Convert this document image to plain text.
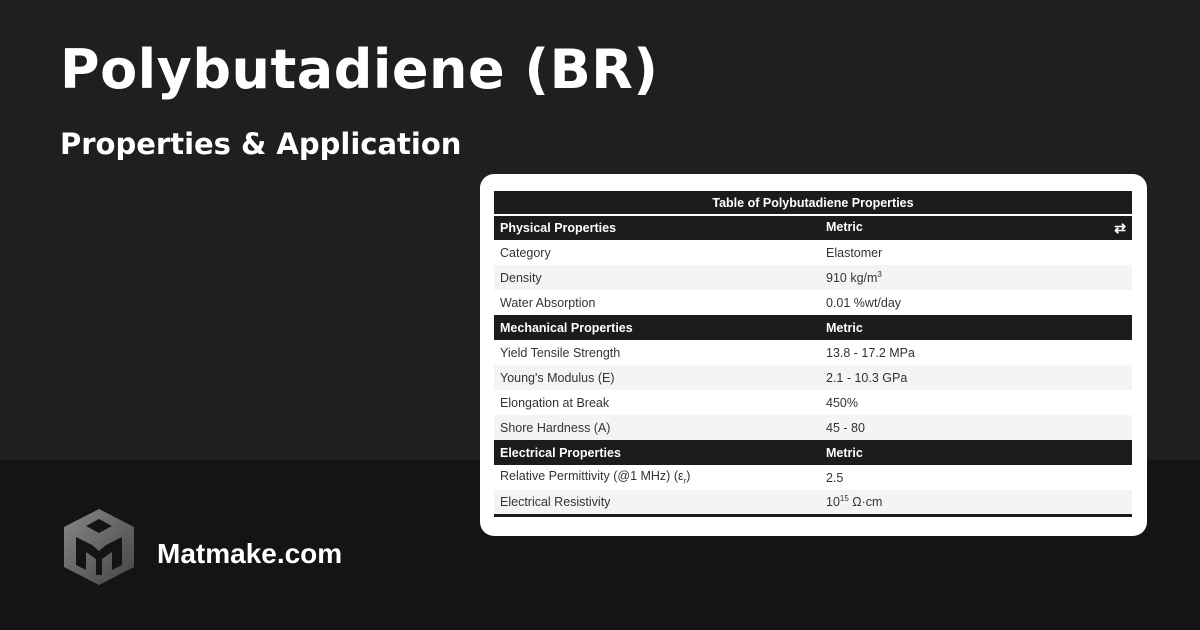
Polybutadiene (BR)
Properties & Application
Table of Polybutadiene Properties	
Physical Properties	Metric ⇄

Category	Elastomer
Density	910 $kg/m^3$
Water Absorption	0.01 %wt/day
Mechanical Properties	Metric
Yield Tensile Strength	13.8 - 17.2 MPa
Young's Modulus (E)	2.1 - 10.3 GPa
Elongation at Break	450%
Shore Hardness (A)	45 - 80
Electrical Properties	Metric
Relative Permittivity (@1 MHz) $(\varepsilon_r)$	2.5
Electrical Resistivity	$10^{15}$ Ω·cm
Matmake.com
